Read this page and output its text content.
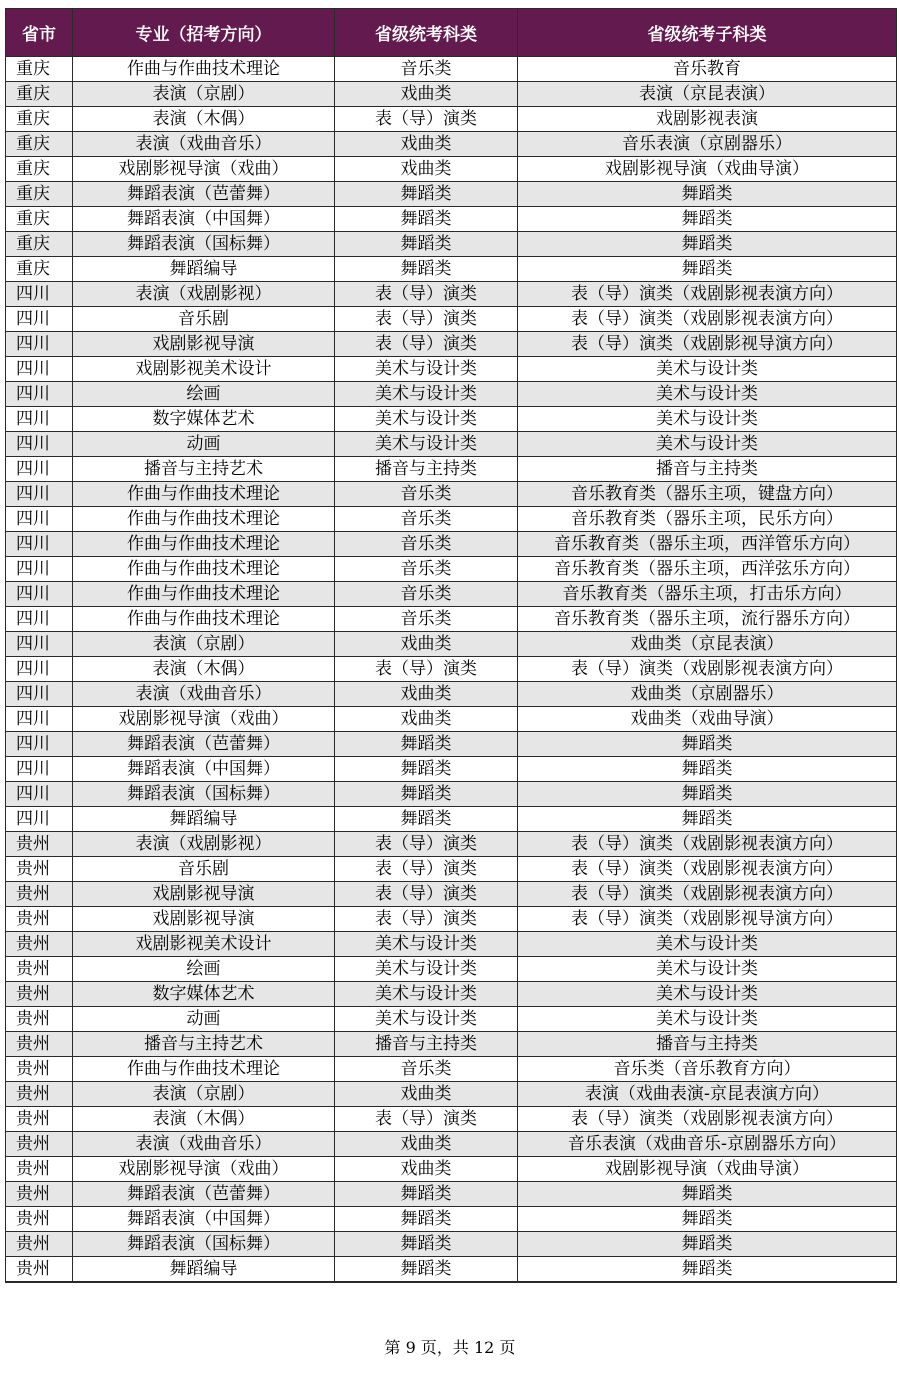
省市	专业（招考方向）	省级统考科类	省级统考子科类
重庆	作曲与作曲技术理论	音乐类	音乐教育
重庆	表演（京剧）	戏曲类	表演（京昆表演）
重庆	表演（木偶）	表（导）演类	戏剧影视表演
重庆	表演（戏曲音乐）	戏曲类	音乐表演（京剧器乐）
重庆	戏剧影视导演（戏曲）	戏曲类	戏剧影视导演（戏曲导演）
重庆	舞蹈表演（芭蕾舞）	舞蹈类	舞蹈类
重庆	舞蹈表演（中国舞）	舞蹈类	舞蹈类
重庆	舞蹈表演（国标舞）	舞蹈类	舞蹈类
重庆	舞蹈编导	舞蹈类	舞蹈类
四川	表演（戏剧影视）	表（导）演类	表（导）演类（戏剧影视表演方向）
四川	音乐剧	表（导）演类	表（导）演类（戏剧影视表演方向）
四川	戏剧影视导演	表（导）演类	表（导）演类（戏剧影视导演方向）
四川	戏剧影视美术设计	美术与设计类	美术与设计类
四川	绘画	美术与设计类	美术与设计类
四川	数字媒体艺术	美术与设计类	美术与设计类
四川	动画	美术与设计类	美术与设计类
四川	播音与主持艺术	播音与主持类	播音与主持类
四川	作曲与作曲技术理论	音乐类	音乐教育类（器乐主项，键盘方向）
四川	作曲与作曲技术理论	音乐类	音乐教育类（器乐主项，民乐方向）
四川	作曲与作曲技术理论	音乐类	音乐教育类（器乐主项，西洋管乐方向）
四川	作曲与作曲技术理论	音乐类	音乐教育类（器乐主项，西洋弦乐方向）
四川	作曲与作曲技术理论	音乐类	音乐教育类（器乐主项，打击乐方向）
四川	作曲与作曲技术理论	音乐类	音乐教育类（器乐主项，流行器乐方向）
四川	表演（京剧）	戏曲类	戏曲类（京昆表演）
四川	表演（木偶）	表（导）演类	表（导）演类（戏剧影视表演方向）
四川	表演（戏曲音乐）	戏曲类	戏曲类（京剧器乐）
四川	戏剧影视导演（戏曲）	戏曲类	戏曲类（戏曲导演）
四川	舞蹈表演（芭蕾舞）	舞蹈类	舞蹈类
四川	舞蹈表演（中国舞）	舞蹈类	舞蹈类
四川	舞蹈表演（国标舞）	舞蹈类	舞蹈类
四川	舞蹈编导	舞蹈类	舞蹈类
贵州	表演（戏剧影视）	表（导）演类	表（导）演类（戏剧影视表演方向）
贵州	音乐剧	表（导）演类	表（导）演类（戏剧影视表演方向）
贵州	戏剧影视导演	表（导）演类	表（导）演类（戏剧影视表演方向）
贵州	戏剧影视导演	表（导）演类	表（导）演类（戏剧影视导演方向）
贵州	戏剧影视美术设计	美术与设计类	美术与设计类
贵州	绘画	美术与设计类	美术与设计类
贵州	数字媒体艺术	美术与设计类	美术与设计类
贵州	动画	美术与设计类	美术与设计类
贵州	播音与主持艺术	播音与主持类	播音与主持类
贵州	作曲与作曲技术理论	音乐类	音乐类（音乐教育方向）
贵州	表演（京剧）	戏曲类	表演（戏曲表演-京昆表演方向）
贵州	表演（木偶）	表（导）演类	表（导）演类（戏剧影视表演方向）
贵州	表演（戏曲音乐）	戏曲类	音乐表演（戏曲音乐-京剧器乐方向）
贵州	戏剧影视导演（戏曲）	戏曲类	戏剧影视导演（戏曲导演）
贵州	舞蹈表演（芭蕾舞）	舞蹈类	舞蹈类
贵州	舞蹈表演（中国舞）	舞蹈类	舞蹈类
贵州	舞蹈表演（国标舞）	舞蹈类	舞蹈类
贵州	舞蹈编导	舞蹈类	舞蹈类
第 9 页，共 12 页
